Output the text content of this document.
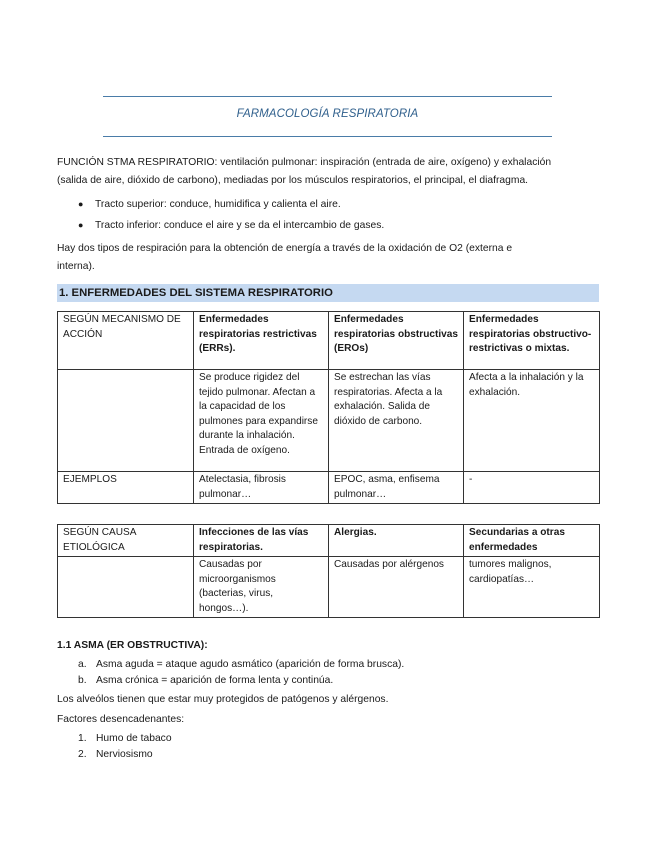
FARMACOLOGÍA RESPIRATORIA
FUNCIÓN STMA RESPIRATORIO: ventilación pulmonar: inspiración (entrada de aire, oxígeno) y exhalación
(salida de aire, dióxido de carbono), mediadas por los músculos respiratorios, el principal, el diafragma.
● Tracto superior: conduce, humidifica y calienta el aire.
● Tracto inferior: conduce el aire y se da el intercambio de gases.
Hay dos tipos de respiración para la obtención de energía a través de la oxidación de O2 (externa e
interna).
1. ENFERMEDADES DEL SISTEMA RESPIRATORIO
SEGÚN MECANISMO DE ACCIÓN	Enfermedades respiratorias restrictivas (ERRs).	Enfermedades respiratorias obstructivas (EROs)	Enfermedades respiratorias obstructivo-restrictivas o mixtas.
	Se produce rigidez del tejido pulmonar. Afectan a la capacidad de los pulmones para expandirse durante la inhalación. Entrada de oxígeno.	Se estrechan las vías respiratorias. Afecta a la exhalación. Salida de dióxido de carbono.	Afecta a la inhalación y la exhalación.
EJEMPLOS	Atelectasia, fibrosis pulmonar…	EPOC, asma, enfisema pulmonar…	-
SEGÚN CAUSA ETIOLÓGICA	Infecciones de las vías respiratorias.	Alergias.	Secundarias a otras enfermedades
	Causadas por microorganismos (bacterias, virus, hongos…).	Causadas por alérgenos	tumores malignos, cardiopatías…
1.1 ASMA (ER OBSTRUCTIVA):
a. Asma aguda = ataque agudo asmático (aparición de forma brusca).
b. Asma crónica = aparición de forma lenta y continúa.
Los alveólos tienen que estar muy protegidos de patógenos y alérgenos.
Factores desencadenantes:
1. Humo de tabaco
2. Nerviosismo
